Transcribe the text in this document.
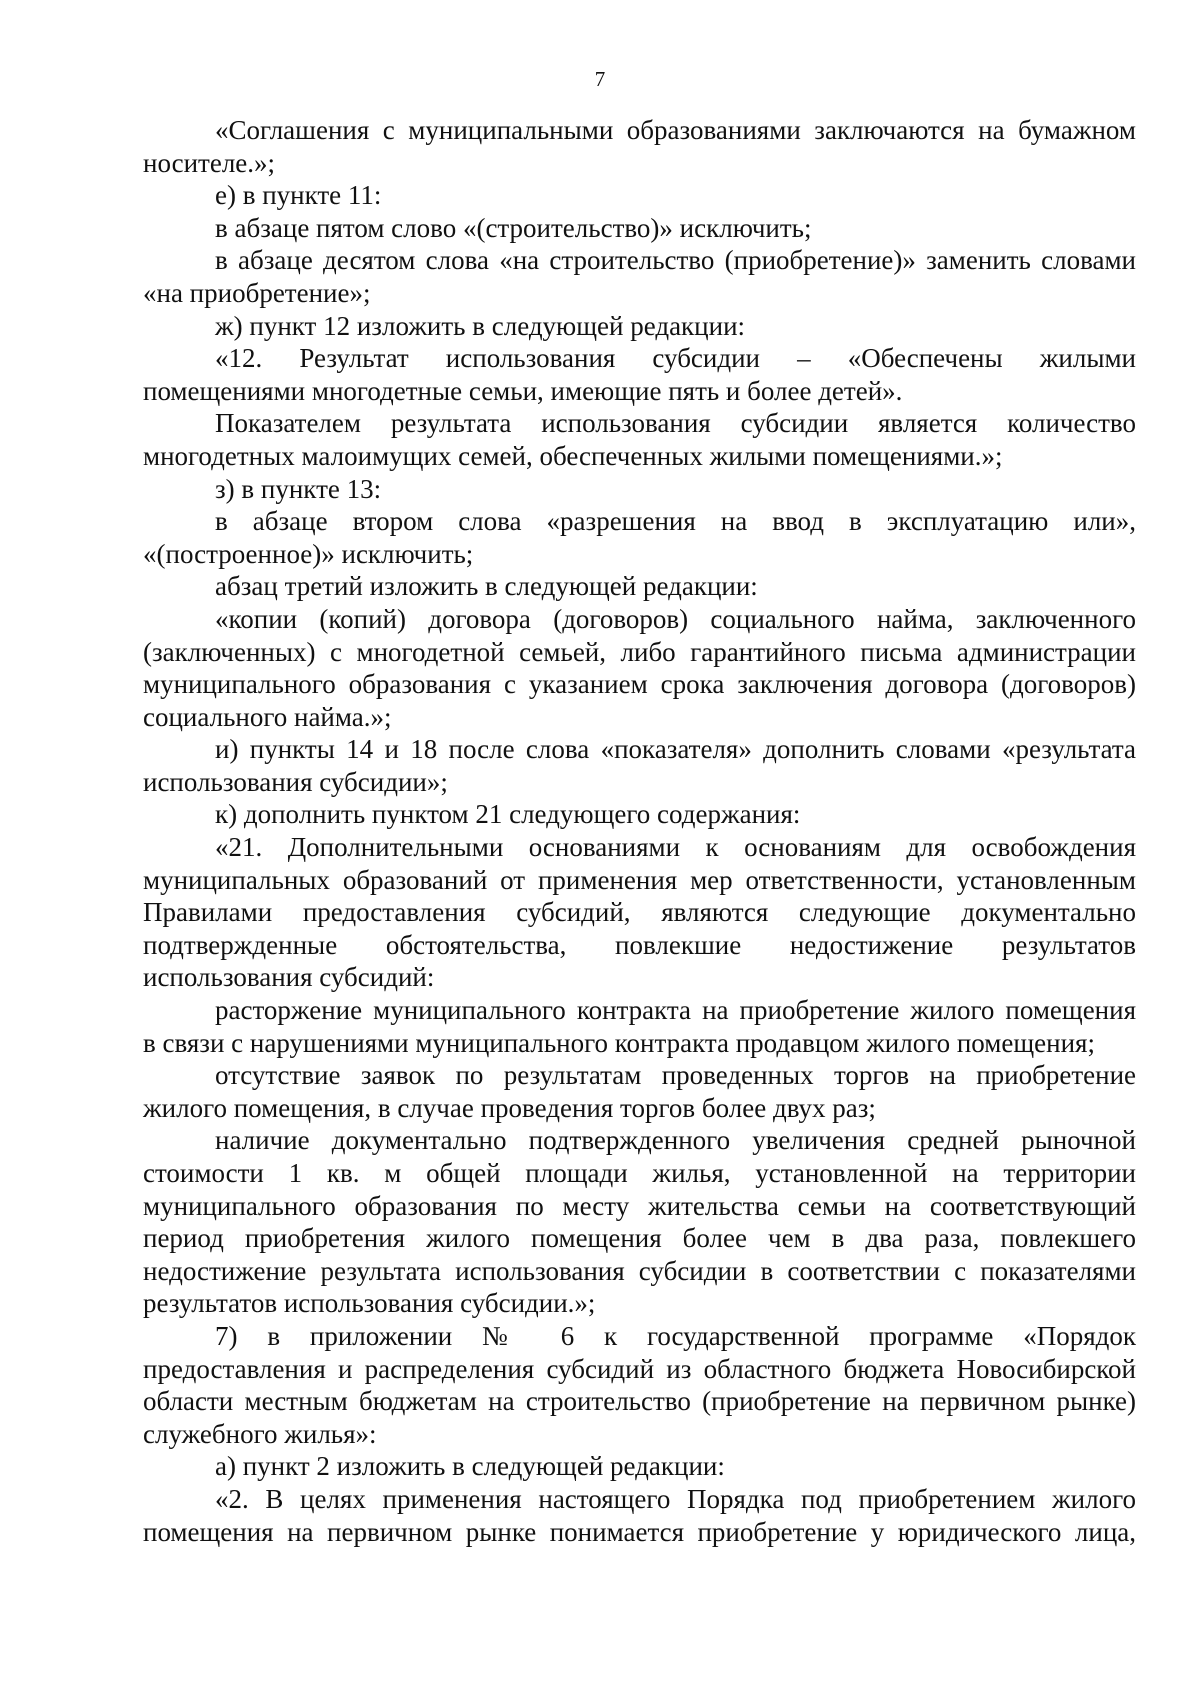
7
«Соглашения с муниципальными образованиями заключаются на бумажном
носителе.»;
е) в пункте 11:
в абзаце пятом слово «(строительство)» исключить;
в абзаце десятом слова «на строительство (приобретение)» заменить словами
«на приобретение»;
ж) пункт 12 изложить в следующей редакции:
«12. Результат использования субсидии – «Обеспечены жилыми
помещениями многодетные семьи, имеющие пять и более детей».
Показателем результата использования субсидии является количество
многодетных малоимущих семей, обеспеченных жилыми помещениями.»;
з) в пункте 13:
в абзаце втором слова «разрешения на ввод в эксплуатацию или»,
«(построенное)» исключить;
абзац третий изложить в следующей редакции:
«копии (копий) договора (договоров) социального найма, заключенного
(заключенных) с многодетной семьей, либо гарантийного письма администрации
муниципального образования с указанием срока заключения договора (договоров)
социального найма.»;
и) пункты 14 и 18 после слова «показателя» дополнить словами «результата
использования субсидии»;
к) дополнить пунктом 21 следующего содержания:
«21. Дополнительными основаниями к основаниям для освобождения
муниципальных образований от применения мер ответственности, установленным
Правилами предоставления субсидий, являются следующие документально
подтвержденные обстоятельства, повлекшие недостижение результатов
использования субсидий:
расторжение муниципального контракта на приобретение жилого помещения
в связи с нарушениями муниципального контракта продавцом жилого помещения;
отсутствие заявок по результатам проведенных торгов на приобретение
жилого помещения, в случае проведения торгов более двух раз;
наличие документально подтвержденного увеличения средней рыночной
стоимости 1 кв. м общей площади жилья, установленной на территории
муниципального образования по месту жительства семьи на соответствующий
период приобретения жилого помещения более чем в два раза, повлекшего
недостижение результата использования субсидии в соответствии с показателями
результатов использования субсидии.»;
7) в приложении № 6 к государственной программе «Порядок
предоставления и распределения субсидий из областного бюджета Новосибирской
области местным бюджетам на строительство (приобретение на первичном рынке)
служебного жилья»:
а) пункт 2 изложить в следующей редакции:
«2. В целях применения настоящего Порядка под приобретением жилого
помещения на первичном рынке понимается приобретение у юридического лица,
